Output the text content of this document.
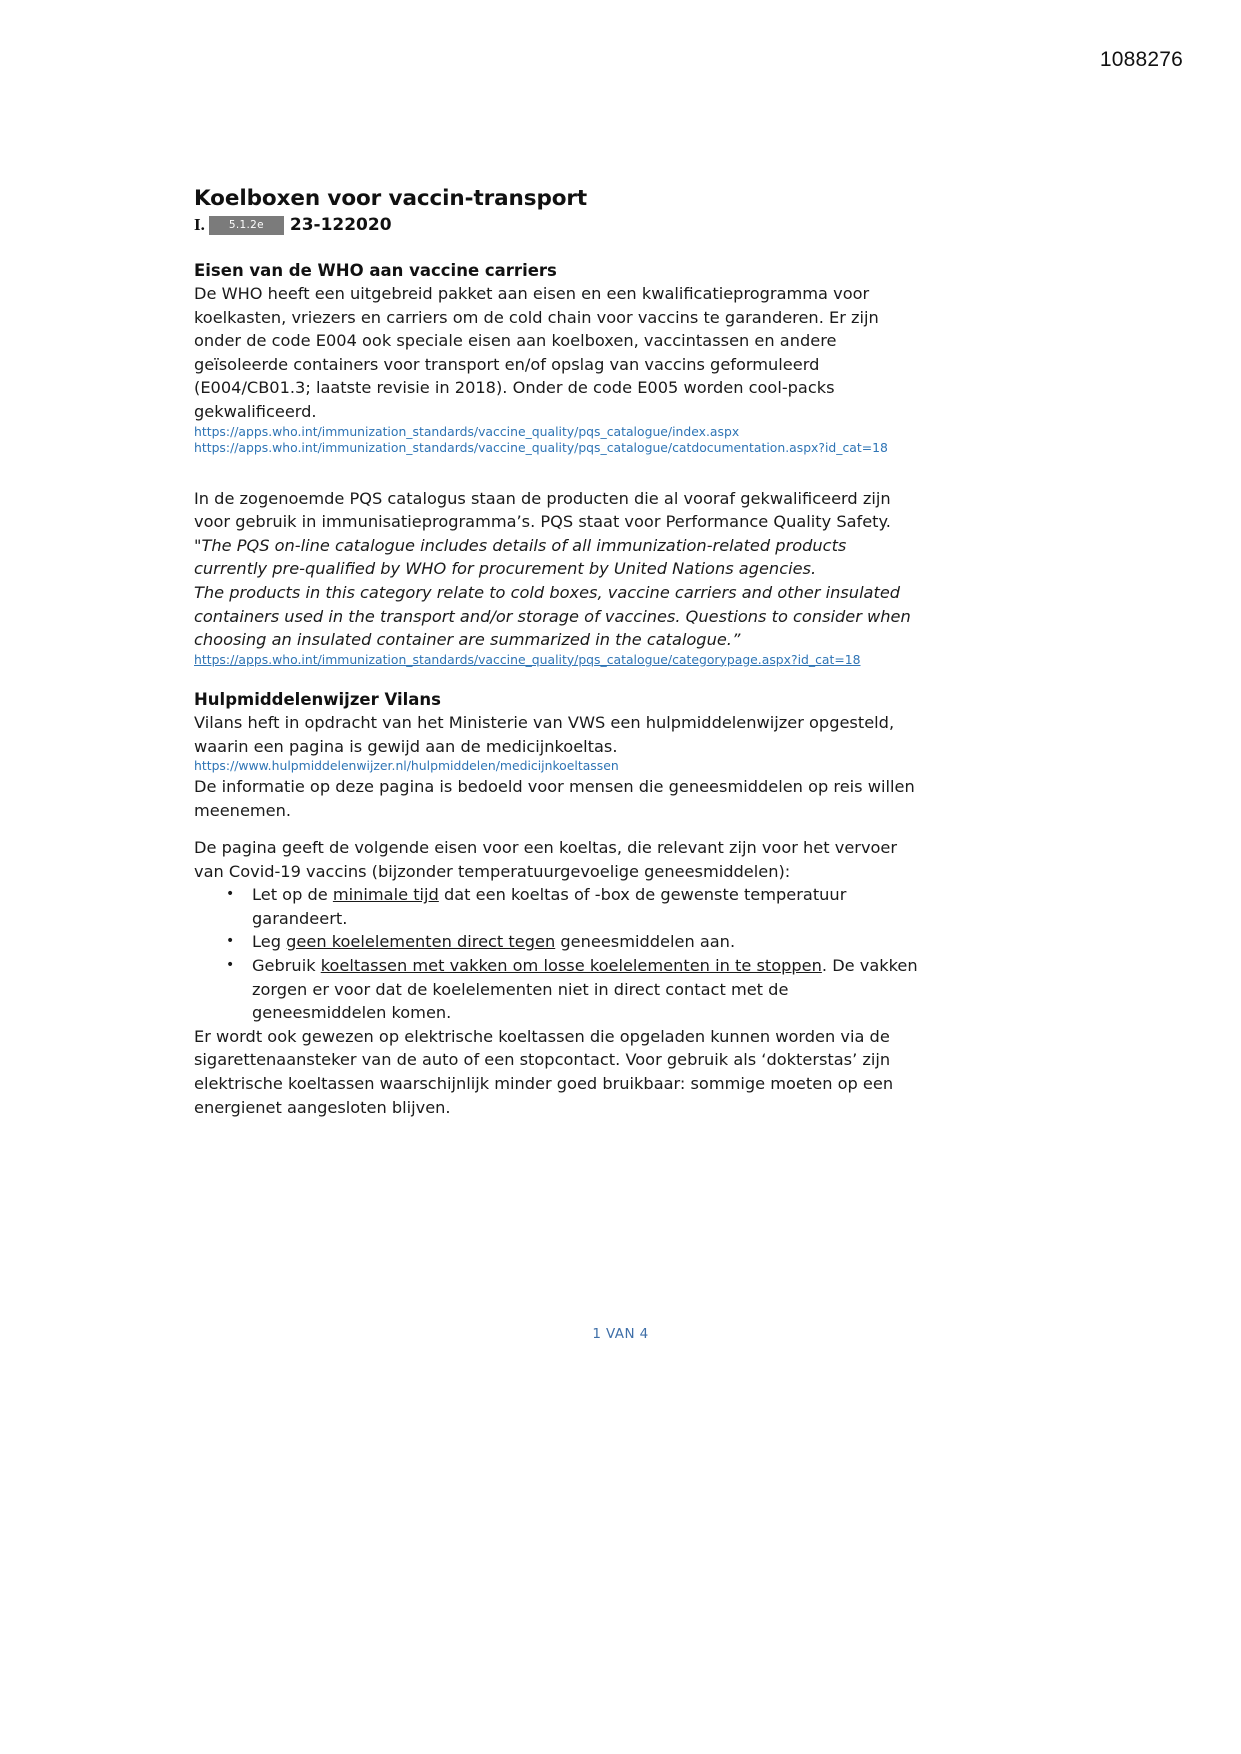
1088276
Koelboxen voor vaccin-transport
I.	5.1.2e	23-122020
Eisen van de WHO aan vaccine carriers

De WHO heeft een uitgebreid pakket aan eisen en een kwalificatieprogramma voor koelkasten, vriezers en carriers om de cold chain voor vaccins te garanderen. Er zijn onder de code E004 ook speciale eisen aan koelboxen, vaccintassen en andere geïsoleerde containers voor transport en/of opslag van vaccins geformuleerd (E004/CB01.3; laatste revisie in 2018). Onder de code E005 worden cool-packs gekwalificeerd.

https://apps.who.int/immunization_standards/vaccine_quality/pqs_catalogue/index.aspx

https://apps.who.int/immunization_standards/vaccine_quality/pqs_catalogue/catdocumentation.aspx?id_cat=18

In de zogenoemde PQS catalogus staan de producten die al vooraf gekwalificeerd zijn voor gebruik in immunisatieprogramma’s. PQS staat voor Performance Quality Safety.

"The PQS on-line catalogue includes details of all immunization-related products currently pre-qualified by WHO for procurement by United Nations agencies.

The products in this category relate to cold boxes, vaccine carriers and other insulated containers used in the transport and/or storage of vaccines. Questions to consider when choosing an insulated container are summarized in the catalogue.”

https://apps.who.int/immunization_standards/vaccine_quality/pqs_catalogue/categorypage.aspx?id_cat=18

Hulpmiddelenwijzer Vilans

Vilans heft in opdracht van het Ministerie van VWS een hulpmiddelenwijzer opgesteld, waarin een pagina is gewijd aan de medicijnkoeltas.

https://www.hulpmiddelenwijzer.nl/hulpmiddelen/medicijnkoeltassen

De informatie op deze pagina is bedoeld voor mensen die geneesmiddelen op reis willen meenemen.

De pagina geeft de volgende eisen voor een koeltas, die relevant zijn voor het vervoer van Covid-19 vaccins (bijzonder temperatuurgevoelige geneesmiddelen):

• Let op de minimale tijd dat een koeltas of -box de gewenste temperatuur garandeert.
• Leg geen koelelementen direct tegen geneesmiddelen aan.
• Gebruik koeltassen met vakken om losse koelelementen in te stoppen. De vakken zorgen er voor dat de koelelementen niet in direct contact met de geneesmiddelen komen.

Er wordt ook gewezen op elektrische koeltassen die opgeladen kunnen worden via de sigarettenaansteker van de auto of een stopcontact. Voor gebruik als ‘dokterstas’ zijn elektrische koeltassen waarschijnlijk minder goed bruikbaar: sommige moeten op een energienet aangesloten blijven.

1 VAN 4
